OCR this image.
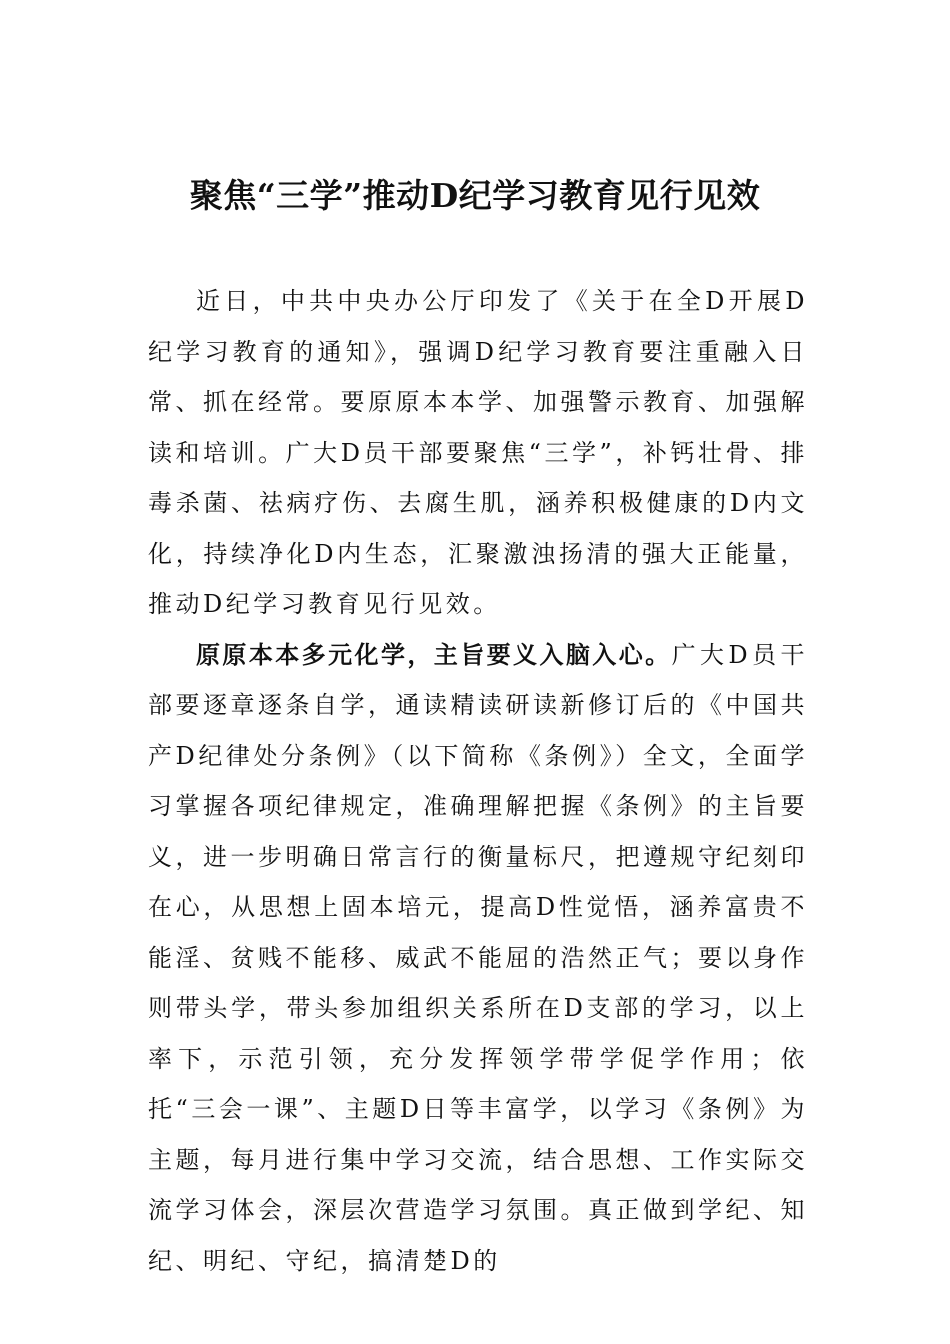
聚焦“三学”推动D纪学习教育见行见效

近日，中共中央办公厅印发了《关于在全D开展D纪学习教育的通知》，强调D纪学习教育要注重融入日常、抓在经常。要原原本本学、加强警示教育、加强解读和培训。广大D员干部要聚焦“三学”，补钙壮骨、排毒杀菌、祛病疗伤、去腐生肌，涵养积极健康的D内文化，持续净化D内生态，汇聚激浊扬清的强大正能量，推动D纪学习教育见行见效。

原原本本多元化学，主旨要义入脑入心。广大D员干部要逐章逐条自学，通读精读研读新修订后的《中国共产D纪律处分条例》（以下简称《条例》）全文，全面学习掌握各项纪律规定，准确理解把握《条例》的主旨要义，进一步明确日常言行的衡量标尺，把遵规守纪刻印在心，从思想上固本培元，提高D性觉悟，涵养富贵不能淫、贫贱不能移、威武不能屈的浩然正气；要以身作则带头学，带头参加组织关系所在D支部的学习，以上率下，示范引领，充分发挥领学带学促学作用；依托“三会一课”、主题D日等丰富学，以学习《条例》为主题，每月进行集中学习交流，结合思想、工作实际交流学习体会，深层次营造学习氛围。真正做到学纪、知纪、明纪、守纪，搞清楚D的
